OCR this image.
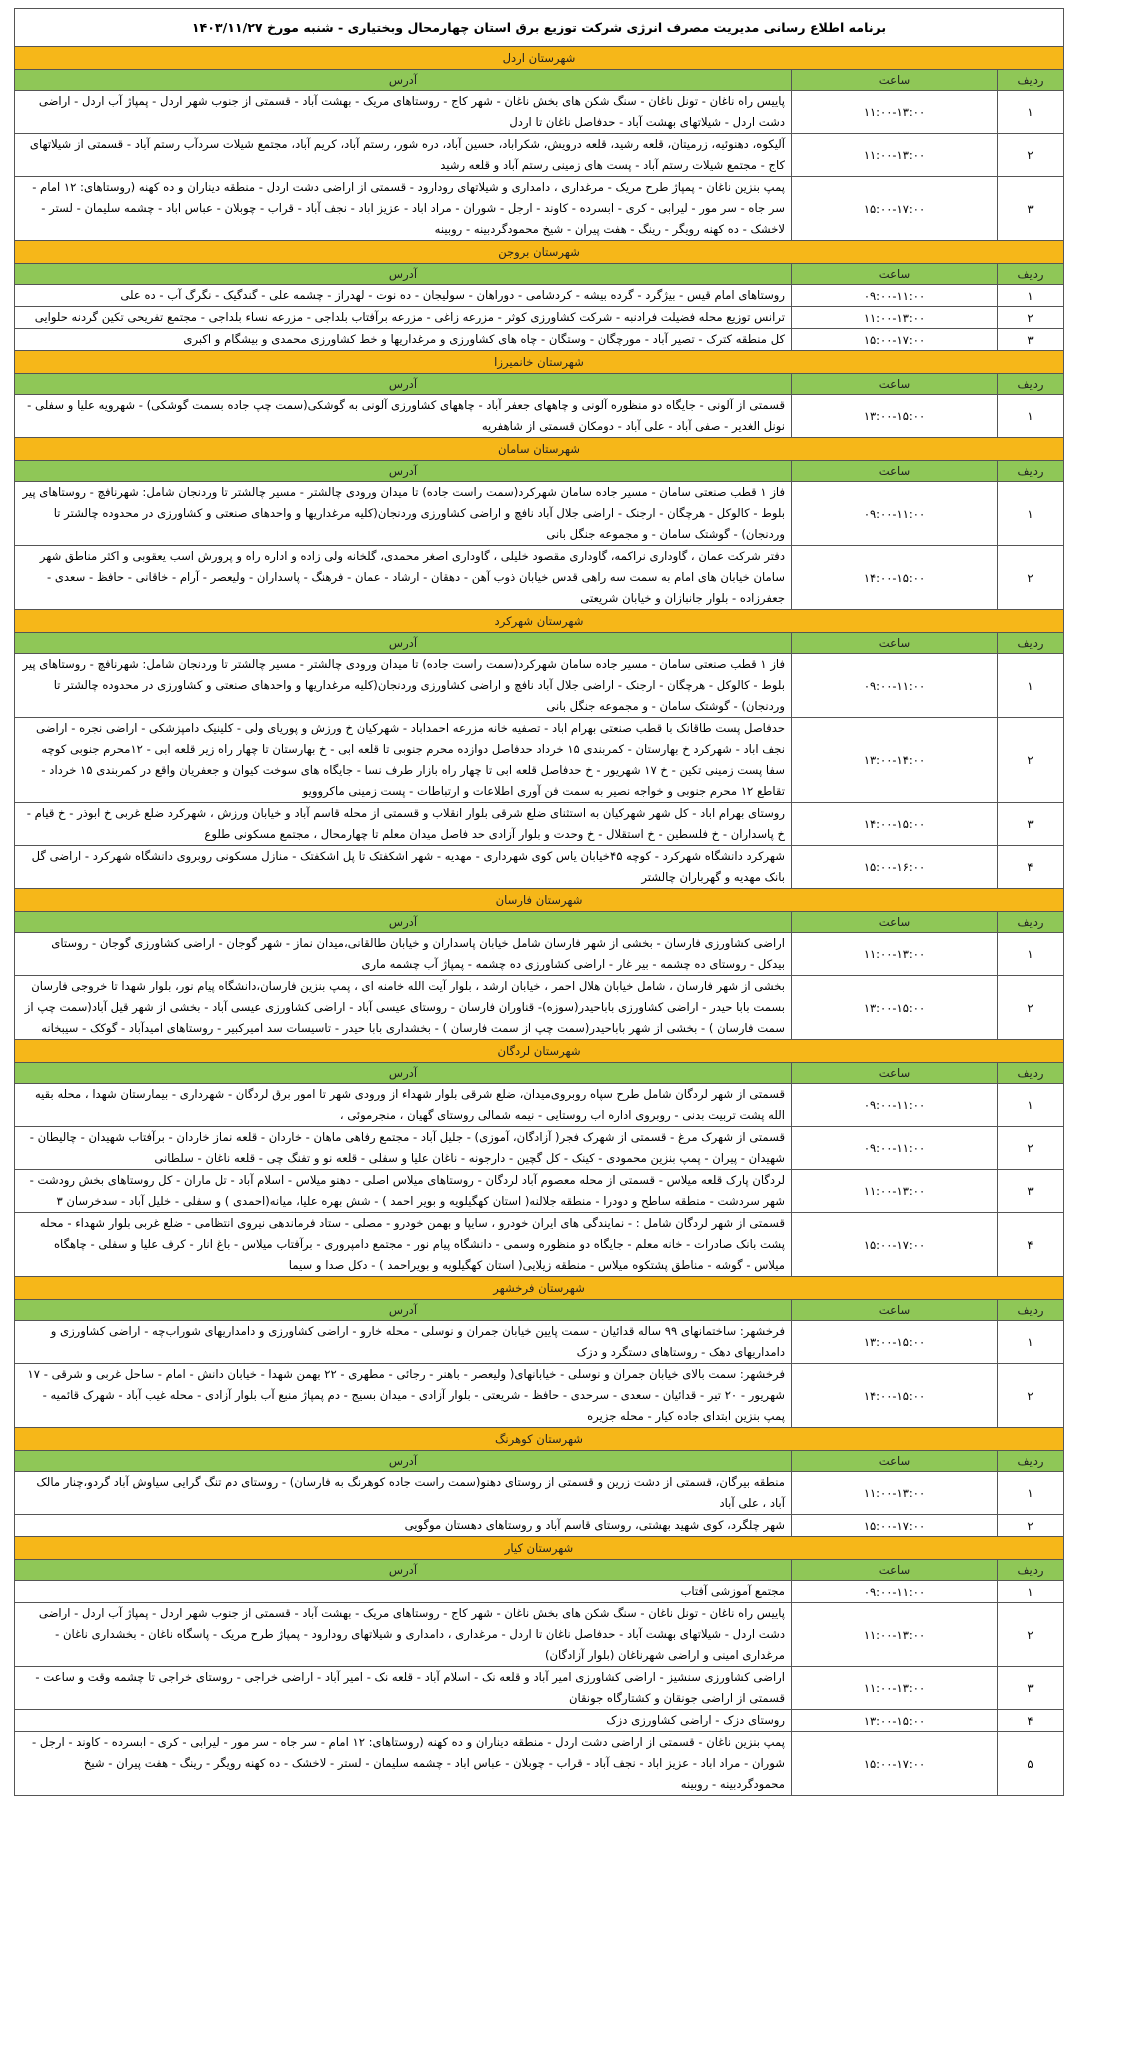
برنامه اطلاع رسانی مدیریت مصرف انرژی شرکت توزیع برق استان چهارمحال وبختیاری - شنبه مورخ ۱۴۰۳/۱۱/۲۷		
شهرستان اردل		
ردیف	ساعت	آدرس
۱	۱۱:۰۰-۱۳:۰۰	پاییس راه ناغان - تونل ناغان - سنگ شکن های بخش ناغان - شهر کاج - روستاهای مریک - بهشت آباد - قسمتی از جنوب شهر اردل - پمپاژ آب اردل - اراضی دشت اردل - شیلاتهای بهشت آباد - حدفاصل ناغان تا اردل
۲	۱۱:۰۰-۱۳:۰۰	آلیکوه، دهنوئیه، زرمیتان، قلعه رشید، قلعه درویش، شکراباد، حسین آباد، دره شور، رستم آباد، کریم آباد، مجتمع شیلات سردآب رستم آباد - قسمتی از شیلاتهای کاج - مجتمع شیلات رستم آباد - پست های زمینی رستم آباد و قلعه رشید
۳	۱۵:۰۰-۱۷:۰۰	پمپ بنزین ناغان - پمپاژ طرح مریک - مرغداری ، دامداری و شیلاتهای رودارود - قسمتی از اراضی دشت اردل - منطقه دیناران و ده کهنه (روستاهای: ۱۲ امام - سر جاه - سر مور - لیرابی - کری - ابسرده - کاوند - ارجل - شوران - مراد اباد - عزیز اباد - نجف آباد - قراب - چوبلان - عباس اباد - چشمه سلیمان - لستر - لاخشک - ده کهنه رویگر - رینگ - هفت پیران - شیخ محمودگردبینه - روبینه
شهرستان بروجن		
ردیف	ساعت	آدرس
۱	۰۹:۰۰-۱۱:۰۰	روستاهای امام قیس - بیژگرد - گرده بیشه - کردشامی - دوراهان - سولیجان - ده نوت - لهدراز - چشمه علی - گندگیک - نگرگ آب - ده علی
۲	۱۱:۰۰-۱۳:۰۰	ترانس توزیع محله فضیلت فرادنبه - شرکت کشاورزی کوثر - مزرعه زاغی - مزرعه برآفتاب بلداجی - مزرعه نساء بلداجی - مجتمع تفریحی تکین گردنه حلوایی
۳	۱۵:۰۰-۱۷:۰۰	کل منطقه کترک - تصیر آباد - مورچگان - وستگان - چاه های کشاورزی و مرغداریها و خط کشاورزی محمدی و بیشگام و اکبری
شهرستان خانمیرزا		
ردیف	ساعت	آدرس
۱	۱۳:۰۰-۱۵:۰۰	قسمتی از آلونی - جایگاه دو منظوره آلونی و چاههای جعفر آباد - چاههای کشاورزی آلونی به گوشکی(سمت چپ جاده بسمت گوشکی) - شهرویه علیا و سفلی - نونل الغدیر - صفی آباد - علی آباد - دومکان قسمتی از شاهفریه
شهرستان سامان		
ردیف	ساعت	آدرس
۱	۰۹:۰۰-۱۱:۰۰	فاز ۱ قطب صنعتی سامان - مسیر جاده سامان شهرکرد(سمت راست جاده) تا میدان ورودی چالشتر - مسیر چالشتر تا وردنجان شامل: شهرنافچ - روستاهای پیر بلوط - کالوکل - هرچگان - ارجنک - اراضی جلال آباد نافچ و اراضی کشاورزی وردنجان(کلیه مرغداریها و واحدهای صنعتی و کشاورزی در محدوده چالشتر تا وردنجان) - گوشتک سامان - و مجموعه جنگل بانی
۲	۱۴:۰۰-۱۵:۰۰	دفتر شرکت عمان ، گاوداری نراکمه، گاوداری مقصود خلیلی ، گاوداری اصغر محمدی، گلخانه ولی زاده و اداره راه و پرورش اسب یعقوبی و اکثر مناطق شهر سامان خیابان های امام به سمت سه راهی قدس خیابان ذوب آهن - دهقان - ارشاد - عمان - فرهنگ - پاسداران - ولیعصر - آرام - خاقانی - حافظ - سعدی - جعفرزاده - بلوار جانبازان و خیابان شریعتی
شهرستان شهرکرد		
ردیف	ساعت	آدرس
۱	۰۹:۰۰-۱۱:۰۰	فاز ۱ قطب صنعتی سامان - مسیر جاده سامان شهرکرد(سمت راست جاده) تا میدان ورودی چالشتر - مسیر چالشتر تا وردنجان شامل: شهرنافچ - روستاهای پیر بلوط - کالوکل - هرچگان - ارجنک - اراضی جلال آباد نافچ و اراضی کشاورزی وردنجان(کلیه مرغداریها و واحدهای صنعتی و کشاورزی در محدوده چالشتر تا وردنجان) - گوشتک سامان - و مجموعه جنگل بانی
۲	۱۳:۰۰-۱۴:۰۰	حدفاصل پست طاقانک با قطب صنعتی بهرام اباد - تصفیه خانه مزرعه احمداباد - شهرکیان خ ورزش و پوریای ولی - کلینیک دامپزشکی - اراضی نجره - اراضی نجف اباد - شهرکرد خ بهارستان - کمربندی ۱۵ خرداد حدفاصل دوازده محرم جنوبی تا قلعه ابی - خ بهارستان تا چهار راه زیر قلعه ابی - ۱۲محرم جنوبی کوچه سفا پست زمینی تکین - خ ۱۷ شهریور - خ حدفاصل قلعه ابی تا چهار راه بازار طرف نسا - جایگاه های سوخت کیوان و جعفریان واقع در کمربندی ۱۵ خرداد - تقاطع ۱۲ محرم جنوبی و خواجه نصیر به سمت فن آوری اطلاعات و ارتباطات - پست زمینی ماکروویو
۳	۱۴:۰۰-۱۵:۰۰	روستای بهرام اباد - کل شهر شهرکیان به استثنای ضلع شرقی بلوار انقلاب و قسمتی از محله قاسم آباد و خیابان ورزش ، شهرکرد ضلع غربی خ ابوذر - خ قیام - خ پاسداران - خ فلسطین - خ استقلال - خ وحدت و بلوار آزادی حد فاصل میدان معلم تا چهارمحال ، مجتمع مسکونی طلوع
۴	۱۵:۰۰-۱۶:۰۰	شهرکرد دانشگاه شهرکرد - کوچه ۴۵خیابان یاس کوی شهرداری - مهدیه - شهر اشکفتک تا پل اشکفتک - منازل مسکونی روبروی دانشگاه شهرکرد - اراضی گل بانک مهدیه و گهرباران چالشتر
شهرستان فارسان		
ردیف	ساعت	آدرس
۱	۱۱:۰۰-۱۳:۰۰	اراضی کشاورزی فارسان - بخشی از شهر فارسان شامل خیابان پاسداران و خیابان طالقانی،میدان نماز - شهر گوجان - اراضی کشاورزی گوجان - روستای بیدکل - روستای ده چشمه - بیر غار - اراضی کشاورزی ده چشمه - پمپاژ آب چشمه ماری
۲	۱۳:۰۰-۱۵:۰۰	بخشی از شهر فارسان ، شامل خیابان هلال احمر ، خیابان ارشد ، بلوار آیت الله خامنه ای ، پمپ بنزین فارسان،دانشگاه پیام نور، بلوار شهدا تا خروجی فارسان بسمت بابا حیدر - اراضی کشاورزی باباحیدر(سوزه)- قناوران فارسان - روستای عیسی آباد - اراضی کشاورزی عیسی آباد - بخشی از شهر قیل آباد(سمت چپ از سمت فارسان ) - بخشی از شهر باباحیدر(سمت چپ از سمت فارسان ) - بخشداری بابا حیدر - تاسیسات سد امیرکبیر - روستاهای امیدآباد - گوکک - سیبخانه
شهرستان لردگان		
ردیف	ساعت	آدرس
۱	۰۹:۰۰-۱۱:۰۰	قسمتی از شهر لردگان شامل طرح سپاه روبروی‌میدان، ضلع شرقی بلوار شهداء از ورودی شهر تا امور برق لردگان - شهرداری - بیمارستان شهدا ، محله بقیه الله پشت تربیت بدنی - روبروی اداره اب روستایی - نیمه شمالی روستای گهیان ، منجرموئی ،
۲	۰۹:۰۰-۱۱:۰۰	قسمتی از شهرک مرغ - قسمتی از شهرک فجر( آزادگان، آموزی) - جلیل آباد - مجتمع رفاهی ماهان - خاردان - قلعه نماز خاردان - برآفتاب شهیدان - چالیطان - شهیدان - پیران - پمپ بنزین محمودی - کینک - کل گچین - دارجونه - ناغان علیا و سفلی - قلعه نو و تفنگ چی - قلعه ناغان - سلطانی
۳	۱۱:۰۰-۱۳:۰۰	لردگان پارک قلعه میلاس - قسمتی از محله معصوم آباد لردگان - روستاهای میلاس اصلی - دهنو میلاس - اسلام آباد - تل ماران - کل روستاهای بخش رودشت - شهر سردشت - منطقه ساطح و دودرا - منطقه جلالنه( استان کهگیلویه و بویر احمد ) - شش بهره علیا، میانه(احمدی ) و سفلی - خلیل آباد - سدخرسان ۳
۴	۱۵:۰۰-۱۷:۰۰	قسمتی از شهر لردگان شامل : - نمایندگی های ایران خودرو ، سایپا و بهمن خودرو - مصلی - ستاد فرماندهی نیروی انتظامی - ضلع غربی بلوار شهداء - محله پشت بانک صادرات - خانه معلم - جایگاه دو منظوره وسمی - دانشگاه پیام نور - مجتمع دامپروری - برآفتاب میلاس - باغ انار - کرف علیا و سفلی - چاهگاه میلاس - گوشه - مناطق پشتکوه میلاس - منطقه زیلایی( استان کهگیلویه و بویراحمد ) - دکل صدا و سیما
شهرستان فرخشهر		
ردیف	ساعت	آدرس
۱	۱۳:۰۰-۱۵:۰۰	فرخشهر: ساختمانهای ۹۹ ساله قدائیان - سمت پایین خیابان جمران و نوسلی - محله خارو - اراضی کشاورزی و دامداریهای شوراب‌چه - اراضی کشاورزی و دامداریهای دهک - روستاهای دستگرد و دزک
۲	۱۴:۰۰-۱۵:۰۰	فرخشهر: سمت بالای خیابان جمران و نوسلی - خیابانهای( ولیعصر - باهنر - رجائی - مطهری - ۲۲ بهمن شهدا - خیابان دانش - امام - ساحل غربی و شرقی - ۱۷ شهریور - ۲۰ تیر - قدائیان - سعدی - سرحدی - حافظ - شریعتی - بلوار آزادی - میدان بسیج - دم پمپاژ منبع آب بلوار آزادی - محله غیب آباد - شهرک قائمیه - پمپ بنزین ابتدای جاده کیار - محله جزیره
شهرستان کوهرنگ		
ردیف	ساعت	آدرس
۱	۱۱:۰۰-۱۳:۰۰	منطقه بیرگان، قسمتی از دشت زرین و قسمتی از روستای دهنو(سمت راست جاده کوهرنگ به فارسان) - روستای دم تنگ گرایی سیاوش آباد گردو،چنار مالک آباد ، علی آباد
۲	۱۵:۰۰-۱۷:۰۰	شهر چلگرد، کوی شهید بهشتی، روستای قاسم آباد و روستاهای دهستان موگویی
شهرستان کیار		
ردیف	ساعت	آدرس
۱	۰۹:۰۰-۱۱:۰۰	مجتمع آموزشی آفتاب
۲	۱۱:۰۰-۱۳:۰۰	پاییس راه ناغان - تونل ناغان - سنگ شکن های بخش ناغان - شهر کاج - روستاهای مریک - بهشت آباد - قسمتی از جنوب شهر اردل - پمپاژ آب اردل - اراضی دشت اردل - شیلاتهای بهشت آباد - حدفاصل ناغان تا اردل - مرغداری ، دامداری و شیلاتهای رودارود - پمپاژ طرح مریک - پاسگاه ناغان - بخشداری ناغان - مرغداری امینی و اراضی شهرناغان (بلوار آزادگان)
۳	۱۱:۰۰-۱۳:۰۰	اراضی کشاورزی سنشیز - اراضی کشاورزی امیر آباد و قلعه نک - اسلام آباد - قلعه نک - امیر آباد - اراضی خراجی - روستای خراجی تا چشمه وقت و ساعت - قسمتی از اراضی جونقان و کشتارگاه جونقان
۴	۱۳:۰۰-۱۵:۰۰	روستای دزک - اراضی کشاورزی دزک
۵	۱۵:۰۰-۱۷:۰۰	پمپ بنزین ناغان - قسمتی از اراضی دشت اردل - منطقه دیناران و ده کهنه (روستاهای: ۱۲ امام - سر جاه - سر مور - لیرابی - کری - ابسرده - کاوند - ارجل - شوران - مراد اباد - عزیز اباد - نجف آباد - قراب - چوبلان - عباس اباد - چشمه سلیمان - لستر - لاخشک - ده کهنه رویگر - رینگ - هفت پیران - شیخ محمودگردبینه - روبینه
